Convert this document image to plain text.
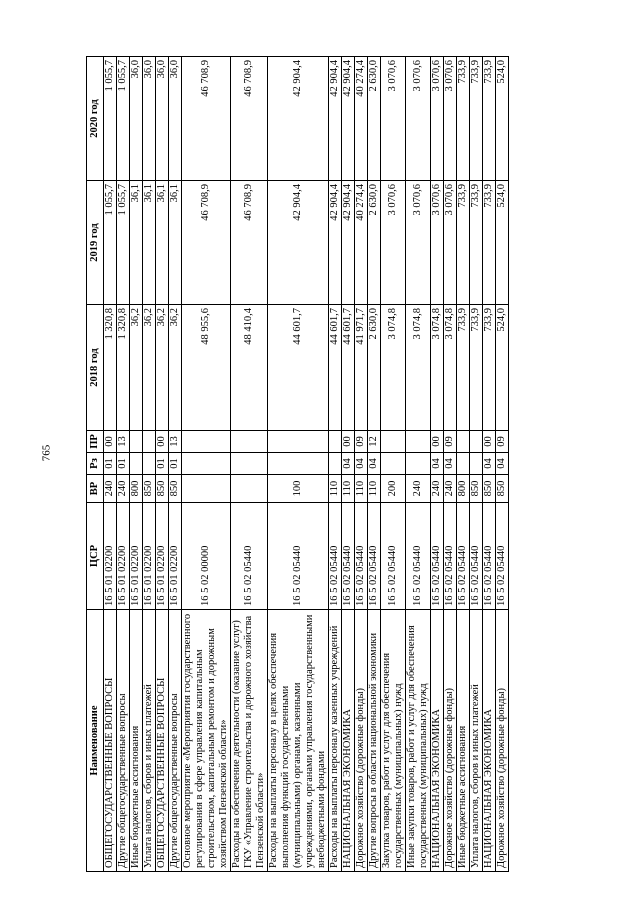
765
Наименование	ЦСР	ВР	Рз	ПР	2018 год	2019 год	2020 год
ОБЩЕГОСУДАРСТВЕННЫЕ ВОПРОСЫ	16 5 01 02200	240	01	00	1 320,8	1 055,7	1 055,7
Другие общегосударственные вопросы	16 5 01 02200	240	01	13	1 320,8	1 055,7	1 055,7
Иные бюджетные ассигнования	16 5 01 02200	800			36,2	36,1	36,0
Уплата налогов, сборов и иных платежей	16 5 01 02200	850			36,2	36,1	36,0
ОБЩЕГОСУДАРСТВЕННЫЕ ВОПРОСЫ	16 5 01 02200	850	01	00	36,2	36,1	36,0
Другие общегосударственные вопросы	16 5 01 02200	850	01	13	36,2	36,1	36,0
Основное мероприятие «Мероприятия государственного регулирования в сфере управления капитальным строительством, капитальным ремонтом и дорожным хозяйством Пензенской области»	16 5 02 00000				48 955,6	46 708,9	46 708,9
Расходы на обеспечение деятельности (оказание услуг) ГКУ «Управление строительства и дорожного хозяйства Пензенской области»	16 5 02 05440				48 410,4	46 708,9	46 708,9
Расходы на выплаты персоналу в целях обеспечения выполнения функций государственными (муниципальными) органами, казенными учреждениями, органами управления государственными внебюджетными фондами	16 5 02 05440	100			44 601,7	42 904,4	42 904,4
Расходы на выплаты персоналу казенных учреждений	16 5 02 05440	110			44 601,7	42 904,4	42 904,4
НАЦИОНАЛЬНАЯ ЭКОНОМИКА	16 5 02 05440	110	04	00	44 601,7	42 904,4	42 904,4
Дорожное хозяйство (дорожные фонды)	16 5 02 05440	110	04	09	41 971,7	40 274,4	40 274,4
Другие вопросы в области национальной экономики	16 5 02 05440	110	04	12	2 630,0	2 630,0	2 630,0
Закупка товаров, работ и услуг для обеспечения государственных (муниципальных) нужд	16 5 02 05440	200			3 074,8	3 070,6	3 070,6
Иные закупки товаров, работ и услуг для обеспечения государственных (муниципальных) нужд	16 5 02 05440	240			3 074,8	3 070,6	3 070,6
НАЦИОНАЛЬНАЯ ЭКОНОМИКА	16 5 02 05440	240	04	00	3 074,8	3 070,6	3 070,6
Дорожное хозяйство (дорожные фонды)	16 5 02 05440	240	04	09	3 074,8	3 070,6	3 070,6
Иные бюджетные ассигнования	16 5 02 05440	800			733,9	733,9	733,9
Уплата налогов, сборов и иных платежей	16 5 02 05440	850			733,9	733,9	733,9
НАЦИОНАЛЬНАЯ ЭКОНОМИКА	16 5 02 05440	850	04	00	733,9	733,9	733,9
Дорожное хозяйство (дорожные фонды)	16 5 02 05440	850	04	09	524,0	524,0	524,0
